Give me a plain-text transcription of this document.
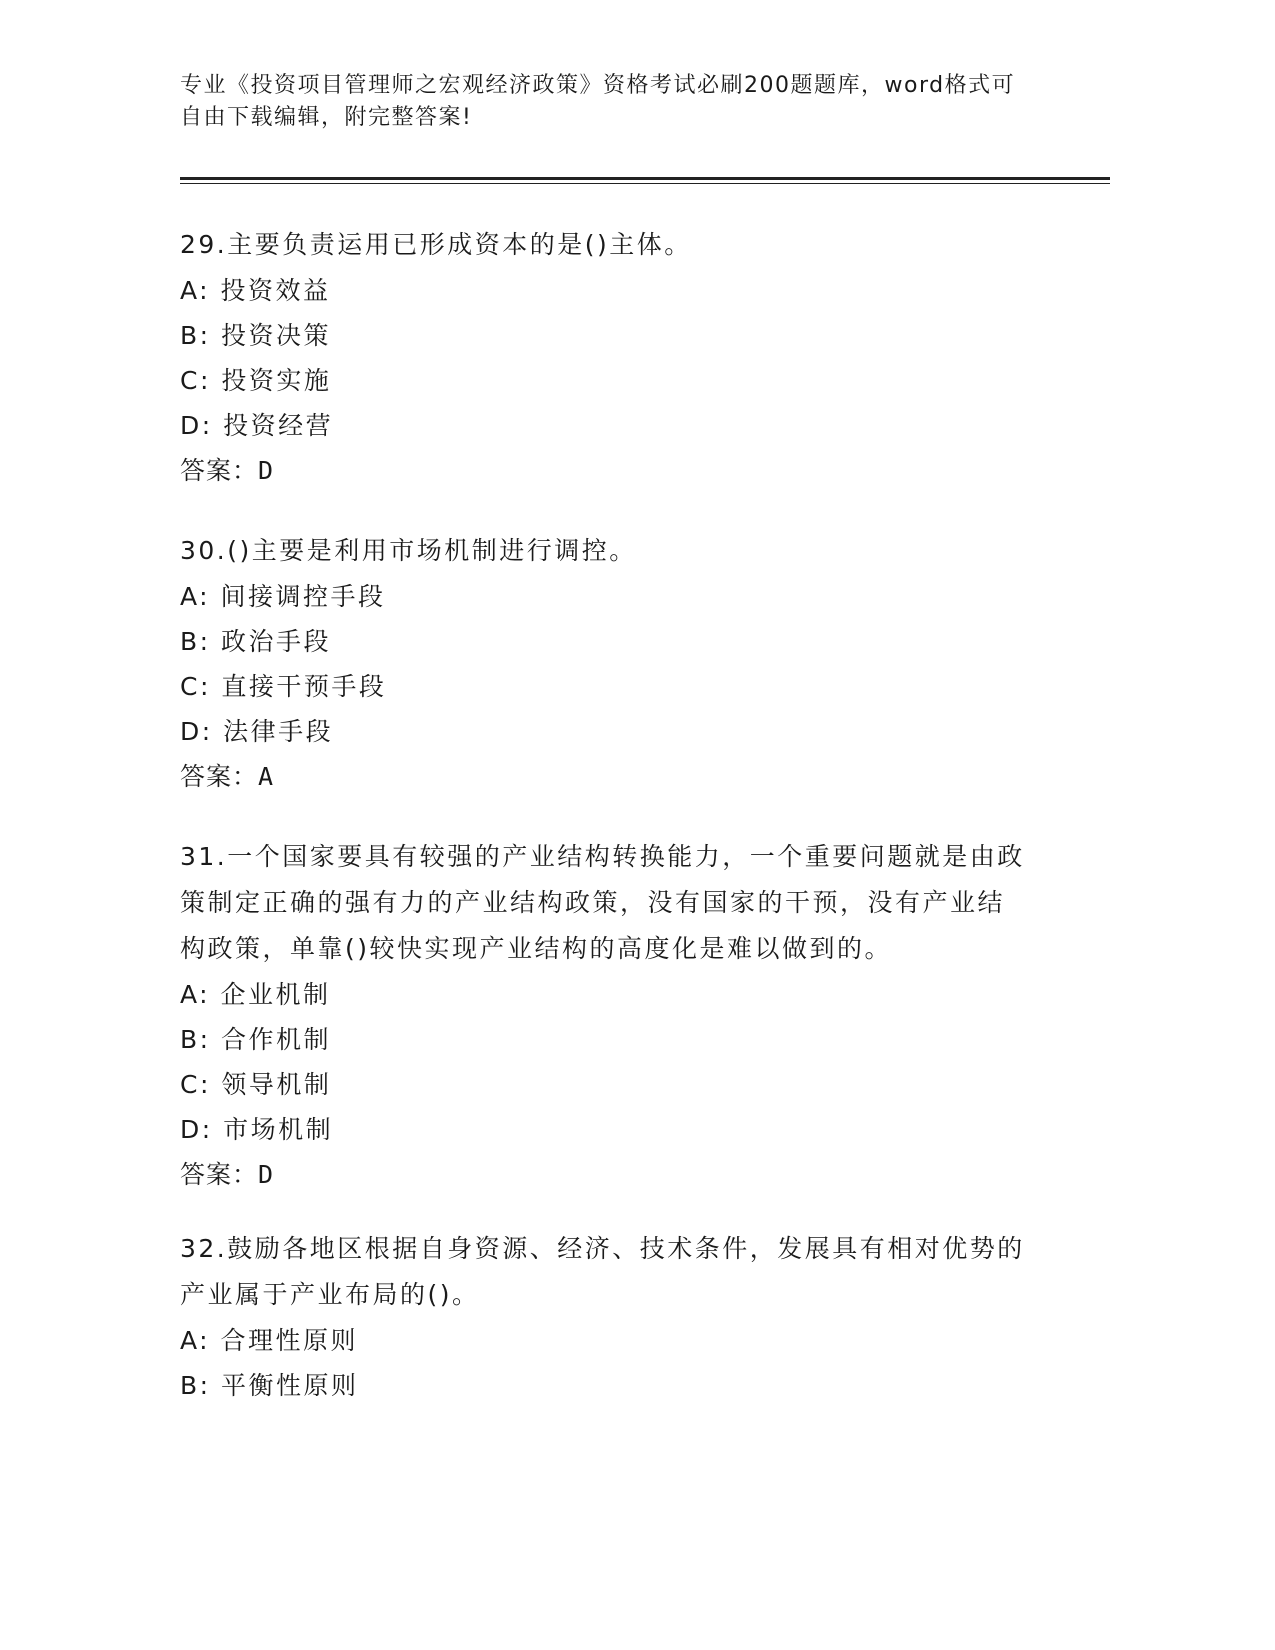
专业《投资项目管理师之宏观经济政策》资格考试必刷200题题库，word格式可

自由下载编辑，附完整答案!

29.主要负责运用已形成资本的是()主体。

A: 投资效益

B: 投资决策

C: 投资实施

D: 投资经营

答案：D

30.()主要是利用市场机制进行调控。

A: 间接调控手段

B: 政治手段

C: 直接干预手段

D: 法律手段

答案：A

31.一个国家要具有较强的产业结构转换能力，一个重要问题就是由政

策制定正确的强有力的产业结构政策，没有国家的干预，没有产业结

构政策，单靠()较快实现产业结构的高度化是难以做到的。

A: 企业机制

B: 合作机制

C: 领导机制

D: 市场机制

答案：D

32.鼓励各地区根据自身资源、经济、技术条件，发展具有相对优势的

产业属于产业布局的()。

A: 合理性原则

B: 平衡性原则
